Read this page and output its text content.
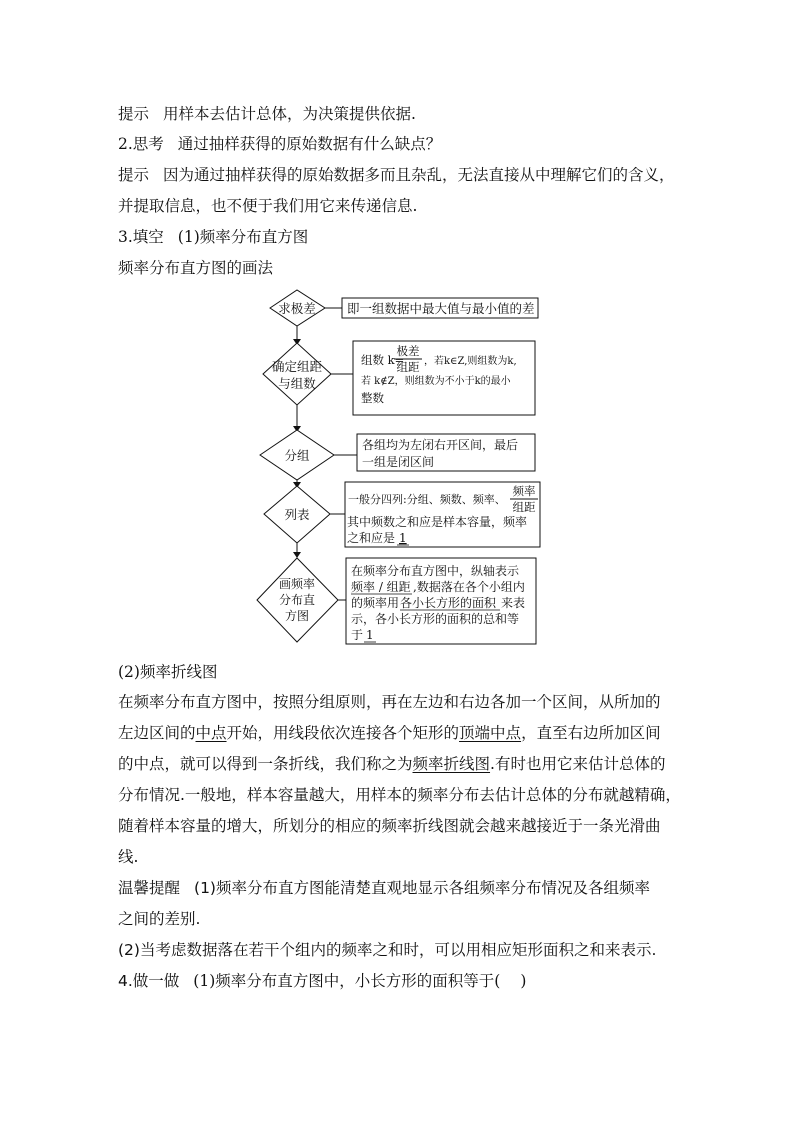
提示 用样本去估计总体，为决策提供依据.
2.思考 通过抽样获得的原始数据有什么缺点？
提示 因为通过抽样获得的原始数据多而且杂乱，无法直接从中理解它们的含义，
并提取信息，也不便于我们用它来传递信息.
3.填空 (1)频率分布直方图
频率分布直方图的画法
求极差 即一组数据中最大值与最小值的差
确定组距
与组数
组数 k=
极差
组距 ，若k∈Z,则组数为k,
若 k∉Z，则组数为不小于k的最小
整数
分组
各组均为左闭右开区间，最后
一组是闭区间
列表
一般分四列:分组、频数、频率、
频率
组距
其中频数之和应是样本容量，频率
之和应是 1
画频率
分布直
方图
在频率分布直方图中，纵轴表示
频率 / 组距 ,数据落在各个小组内
的频率用 各小长方形的面积 来表
示，各小长方形的面积的总和等
于 1
(2)频率折线图
在频率分布直方图中，按照分组原则，再在左边和右边各加一个区间，从所加的
左边区间的中点开始，用线段依次连接各个矩形的顶端中点，直至右边所加区间
的中点，就可以得到一条折线，我们称之为频率折线图.有时也用它来估计总体的
分布情况.一般地，样本容量越大，用样本的频率分布去估计总体的分布就越精确，
随着样本容量的增大，所划分的相应的频率折线图就会越来越接近于一条光滑曲
线.
温馨提醒 (1)频率分布直方图能清楚直观地显示各组频率分布情况及各组频率
之间的差别.
(2)当考虑数据落在若干个组内的频率之和时，可以用相应矩形面积之和来表示.
4.做一做 (1)频率分布直方图中，小长方形的面积等于( )
